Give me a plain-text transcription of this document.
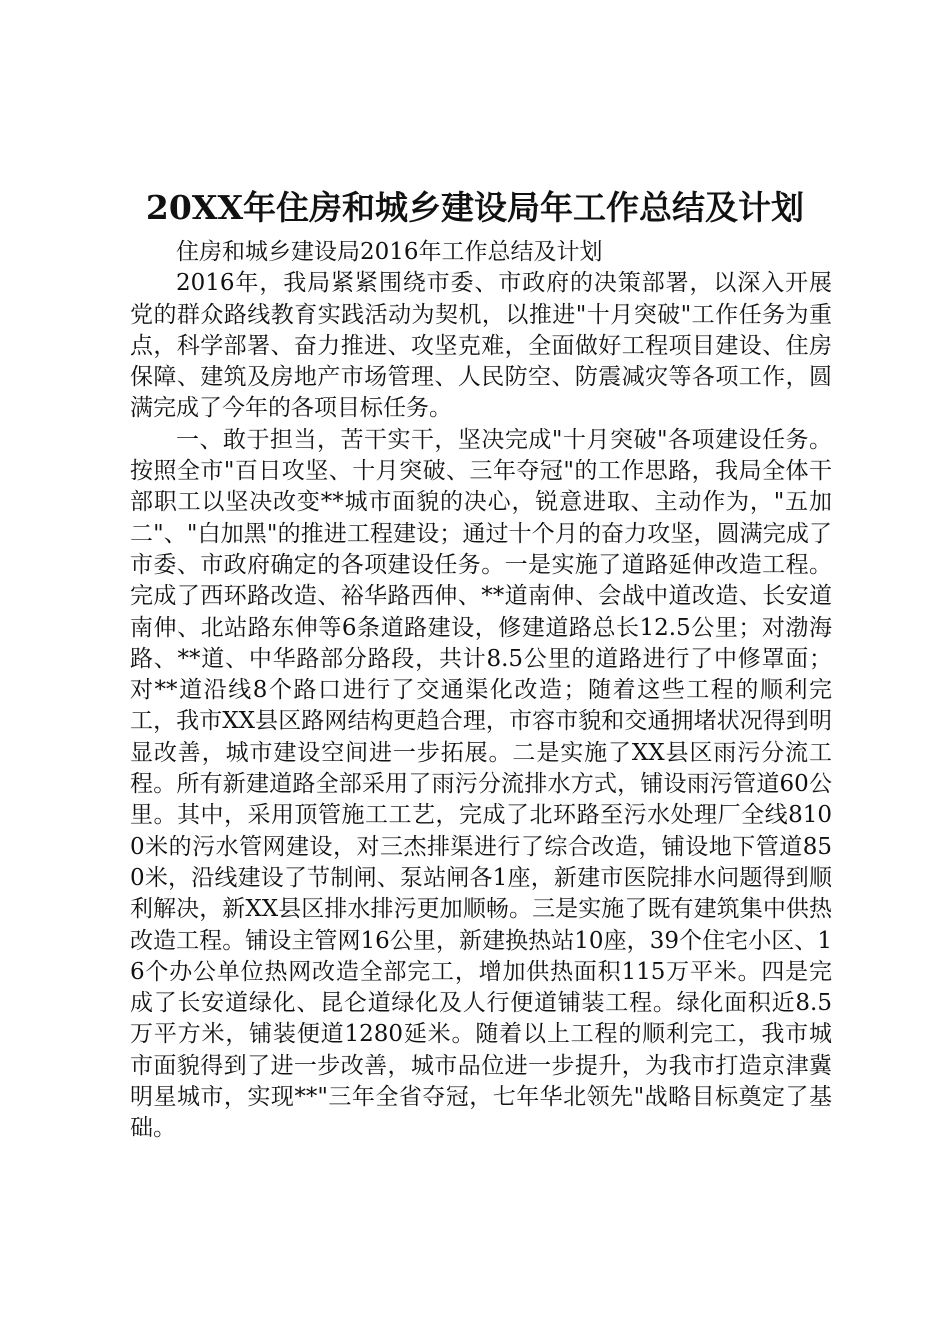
20XX年住房和城乡建设局年工作总结及计划

住房和城乡建设局2016年工作总结及计划

2016年，我局紧紧围绕市委、市政府的决策部署，以深入开展党的群众路线教育实践活动为契机，以推进"十月突破"工作任务为重点，科学部署、奋力推进、攻坚克难，全面做好工程项目建设、住房保障、建筑及房地产市场管理、人民防空、防震减灾等各项工作，圆满完成了今年的各项目标任务。

一、敢于担当，苦干实干，坚决完成"十月突破"各项建设任务。按照全市"百日攻坚、十月突破、三年夺冠"的工作思路，我局全体干部职工以坚决改变**城市面貌的决心，锐意进取、主动作为，"五加二"、"白加黑"的推进工程建设；通过十个月的奋力攻坚，圆满完成了市委、市政府确定的各项建设任务。一是实施了道路延伸改造工程。完成了西环路改造、裕华路西伸、**道南伸、会战中道改造、长安道南伸、北站路东伸等6条道路建设，修建道路总长12.5公里；对渤海路、**道、中华路部分路段，共计8.5公里的道路进行了中修罩面；对**道沿线8个路口进行了交通渠化改造；随着这些工程的顺利完工，我市XX县区路网结构更趋合理，市容市貌和交通拥堵状况得到明显改善，城市建设空间进一步拓展。二是实施了XX县区雨污分流工程。所有新建道路全部采用了雨污分流排水方式，铺设雨污管道60公里。其中，采用顶管施工工艺，完成了北环路至污水处理厂全线8100米的污水管网建设，对三杰排渠进行了综合改造，铺设地下管道850米，沿线建设了节制闸、泵站闸各1座，新建市医院排水问题得到顺利解决，新XX县区排水排污更加顺畅。三是实施了既有建筑集中供热改造工程。铺设主管网16公里，新建换热站10座，39个住宅小区、16个办公单位热网改造全部完工，增加供热面积115万平米。四是完成了长安道绿化、昆仑道绿化及人行便道铺装工程。绿化面积近8.5万平方米，铺装便道1280延米。随着以上工程的顺利完工，我市城市面貌得到了进一步改善，城市品位进一步提升，为我市打造京津冀明星城市，实现**"三年全省夺冠，七年华北领先"战略目标奠定了基础。
